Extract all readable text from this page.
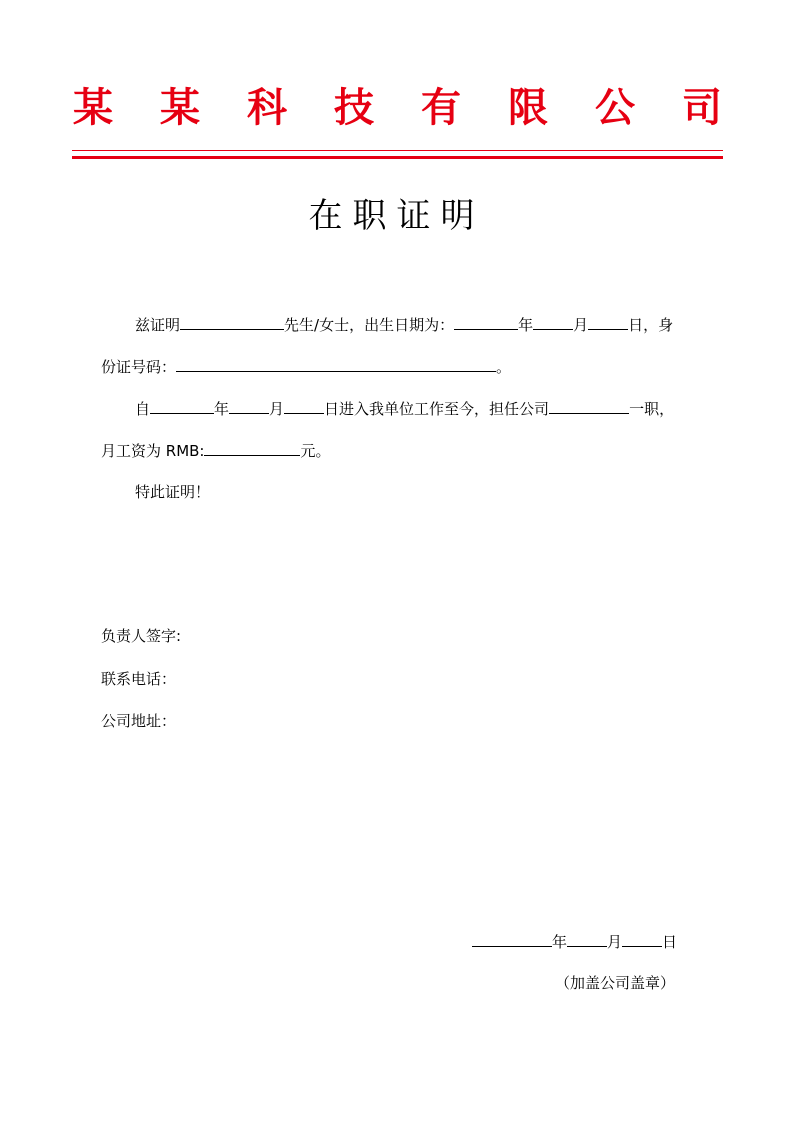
某 某 科 技 有 限 公 司
在职证明
兹证明	先生/女士，出生日期为：	年	月	日，身
份证号码：	。
自	年	月	日进入我单位工作至今，担任公司	一职，
月工资为 RMB:	元。
特此证明！
负责人签字:
联系电话：
公司地址：
年	月	日
（加盖公司盖章）
